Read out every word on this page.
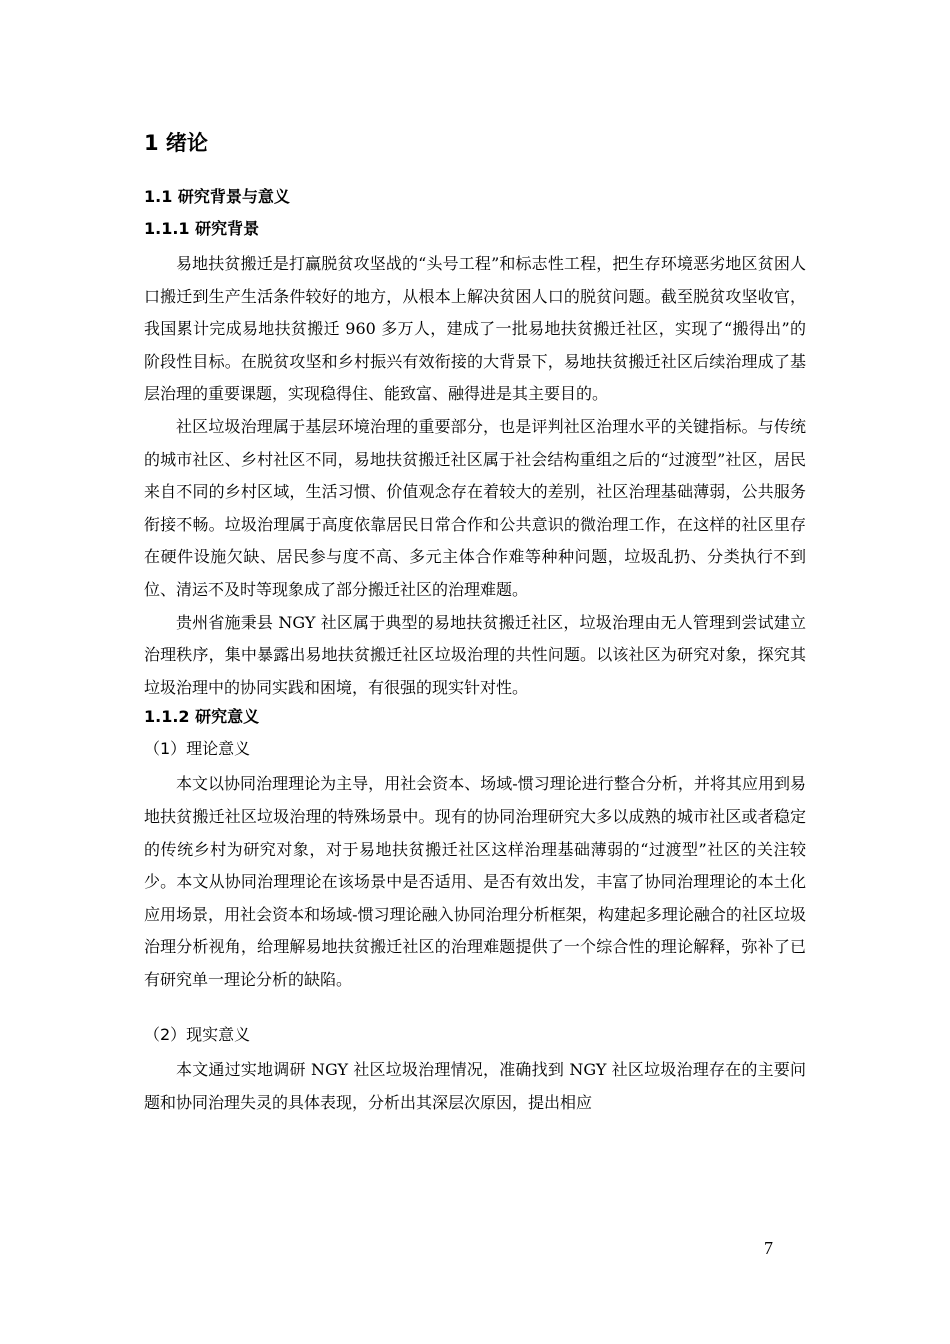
1 绪论
1.1 研究背景与意义
1.1.1 研究背景

易地扶贫搬迁是打赢脱贫攻坚战的“头号工程”和标志性工程，把生存环境恶劣地区贫困人口搬迁到生产生活条件较好的地方，从根本上解决贫困人口的脱贫问题。截至脱贫攻坚收官，我国累计完成易地扶贫搬迁 960 多万人，建成了一批易地扶贫搬迁社区，实现了“搬得出”的阶段性目标。在脱贫攻坚和乡村振兴有效衔接的大背景下，易地扶贫搬迁社区后续治理成了基层治理的重要课题，实现稳得住、能致富、融得进是其主要目的。

社区垃圾治理属于基层环境治理的重要部分，也是评判社区治理水平的关键指标。与传统的城市社区、乡村社区不同，易地扶贫搬迁社区属于社会结构重组之后的“过渡型”社区，居民来自不同的乡村区域，生活习惯、价值观念存在着较大的差别，社区治理基础薄弱，公共服务衔接不畅。垃圾治理属于高度依靠居民日常合作和公共意识的微治理工作，在这样的社区里存在硬件设施欠缺、居民参与度不高、多元主体合作难等种种问题，垃圾乱扔、分类执行不到位、清运不及时等现象成了部分搬迁社区的治理难题。

贵州省施秉县 NGY 社区属于典型的易地扶贫搬迁社区，垃圾治理由无人管理到尝试建立治理秩序，集中暴露出易地扶贫搬迁社区垃圾治理的共性问题。以该社区为研究对象，探究其垃圾治理中的协同实践和困境，有很强的现实针对性。

1.1.2 研究意义
（1）理论意义

本文以协同治理理论为主导，用社会资本、场域-惯习理论进行整合分析，并将其应用到易地扶贫搬迁社区垃圾治理的特殊场景中。现有的协同治理研究大多以成熟的城市社区或者稳定的传统乡村为研究对象，对于易地扶贫搬迁社区这样治理基础薄弱的“过渡型”社区的关注较少。本文从协同治理理论在该场景中是否适用、是否有效出发，丰富了协同治理理论的本土化应用场景，用社会资本和场域-惯习理论融入协同治理分析框架，构建起多理论融合的社区垃圾治理分析视角，给理解易地扶贫搬迁社区的治理难题提供了一个综合性的理论解释，弥补了已有研究单一理论分析的缺陷。

（2）现实意义

本文通过实地调研 NGY 社区垃圾治理情况，准确找到 NGY 社区垃圾治理存在的主要问题和协同治理失灵的具体表现，分析出其深层次原因，提出相应

7
